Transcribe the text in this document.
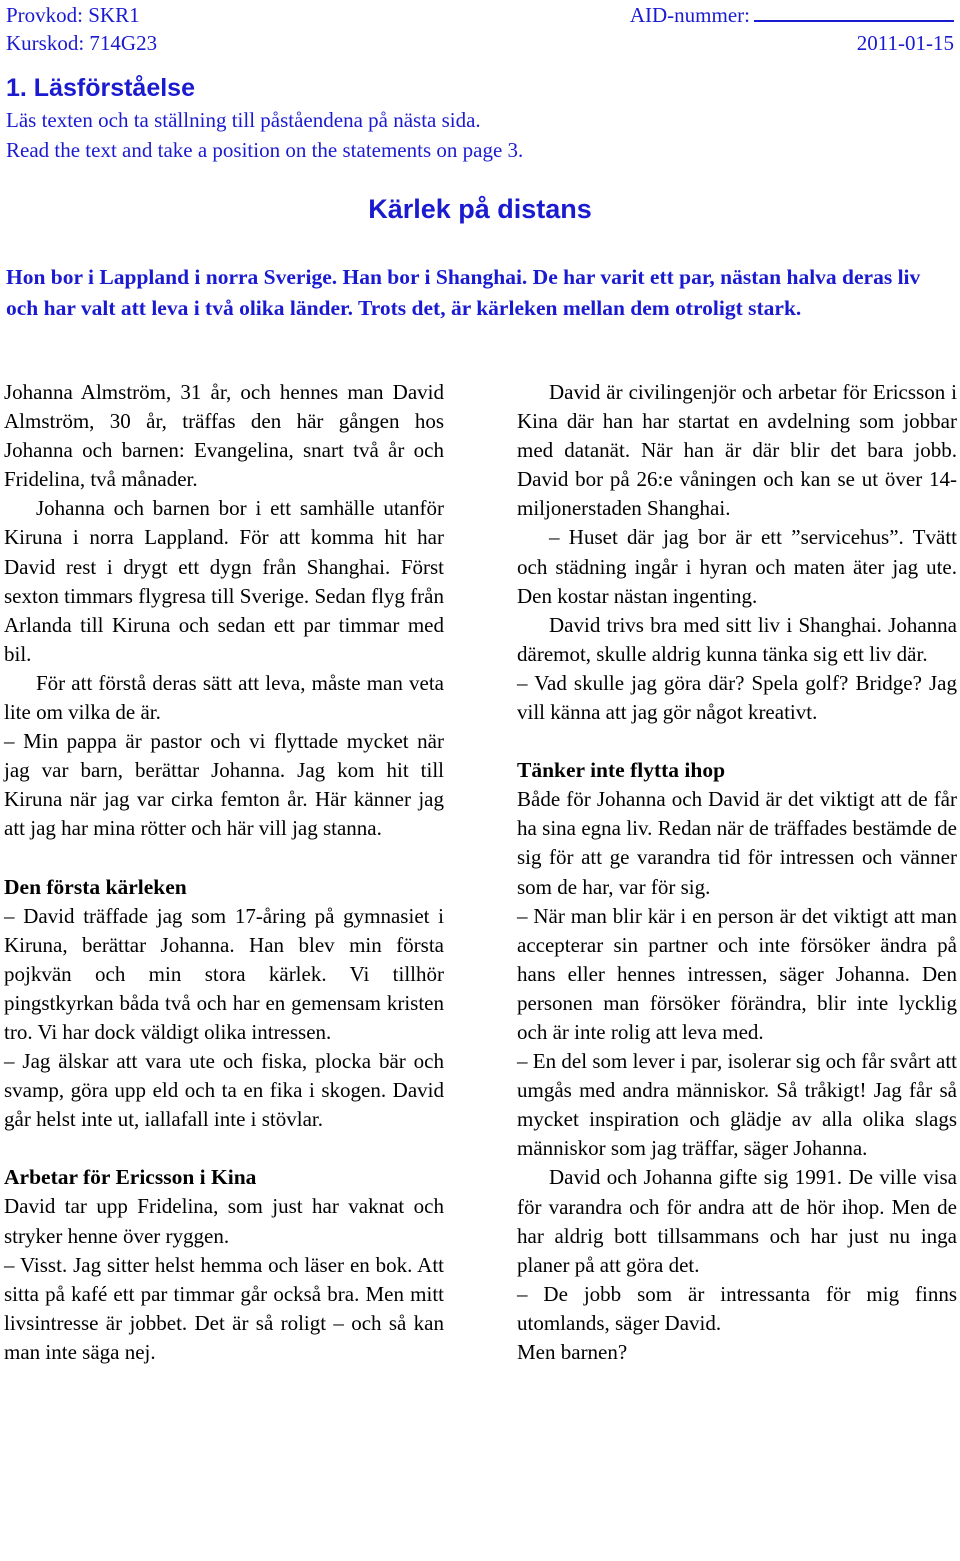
Provkod: SKR1	AID-nummer:
Kurskod: 714G23	2011-01-15
1. Läsförståelse
Läs texten och ta ställning till påståendena på nästa sida.
Read the text and take a position on the statements on page 3.
Kärlek på distans
Hon bor i Lappland i norra Sverige. Han bor i Shanghai. De har varit ett par, nästan halva deras liv och har valt att leva i två olika länder. Trots det, är kärleken mellan dem otroligt stark.

Johanna Almström, 31 år, och hennes man David Almström, 30 år, träffas den här gången hos Johanna och barnen: Evangelina, snart två år och Fridelina, två månader.

Johanna och barnen bor i ett samhälle utanför Kiruna i norra Lappland. För att komma hit har David rest i drygt ett dygn från Shanghai. Först sexton timmars flygresa till Sverige. Sedan flyg från Arlanda till Kiruna och sedan ett par timmar med bil.

För att förstå deras sätt att leva, måste man veta lite om vilka de är.

– Min pappa är pastor och vi flyttade mycket när jag var barn, berättar Johanna. Jag kom hit till Kiruna när jag var cirka femton år. Här känner jag att jag har mina rötter och här vill jag stanna.

Den första kärleken

– David träffade jag som 17-åring på gymnasiet i Kiruna, berättar Johanna. Han blev min första pojkvän och min stora kärlek. Vi tillhör pingstkyrkan båda två och har en gemensam kristen tro. Vi har dock väldigt olika intressen.

– Jag älskar att vara ute och fiska, plocka bär och svamp, göra upp eld och ta en fika i skogen. David går helst inte ut, iallafall inte i stövlar.

Arbetar för Ericsson i Kina

David tar upp Fridelina, som just har vaknat och stryker henne över ryggen.

– Visst. Jag sitter helst hemma och läser en bok. Att sitta på kafé ett par timmar går också bra. Men mitt livsintresse är jobbet. Det är så roligt – och så kan man inte säga nej.

David är civilingenjör och arbetar för Ericsson i Kina där han har startat en avdelning som jobbar med datanät. När han är där blir det bara jobb. David bor på 26:e våningen och kan se ut över 14-miljonerstaden Shanghai.

– Huset där jag bor är ett ”servicehus”. Tvätt och städning ingår i hyran och maten äter jag ute. Den kostar nästan ingenting.

David trivs bra med sitt liv i Shanghai. Johanna däremot, skulle aldrig kunna tänka sig ett liv där.

– Vad skulle jag göra där? Spela golf? Bridge? Jag vill känna att jag gör något kreativt.

Tänker inte flytta ihop

Både för Johanna och David är det viktigt att de får ha sina egna liv. Redan när de träffades bestämde de sig för att ge varandra tid för intressen och vänner som de har, var för sig.

– När man blir kär i en person är det viktigt att man accepterar sin partner och inte försöker ändra på hans eller hennes intressen, säger Johanna. Den personen man försöker förändra, blir inte lycklig och är inte rolig att leva med.

– En del som lever i par, isolerar sig och får svårt att umgås med andra människor. Så tråkigt! Jag får så mycket inspiration och glädje av alla olika slags människor som jag träffar, säger Johanna.

David och Johanna gifte sig 1991. De ville visa för varandra och för andra att de hör ihop. Men de har aldrig bott tillsammans och har just nu inga planer på att göra det.

– De jobb som är intressanta för mig finns utomlands, säger David.

Men barnen?
